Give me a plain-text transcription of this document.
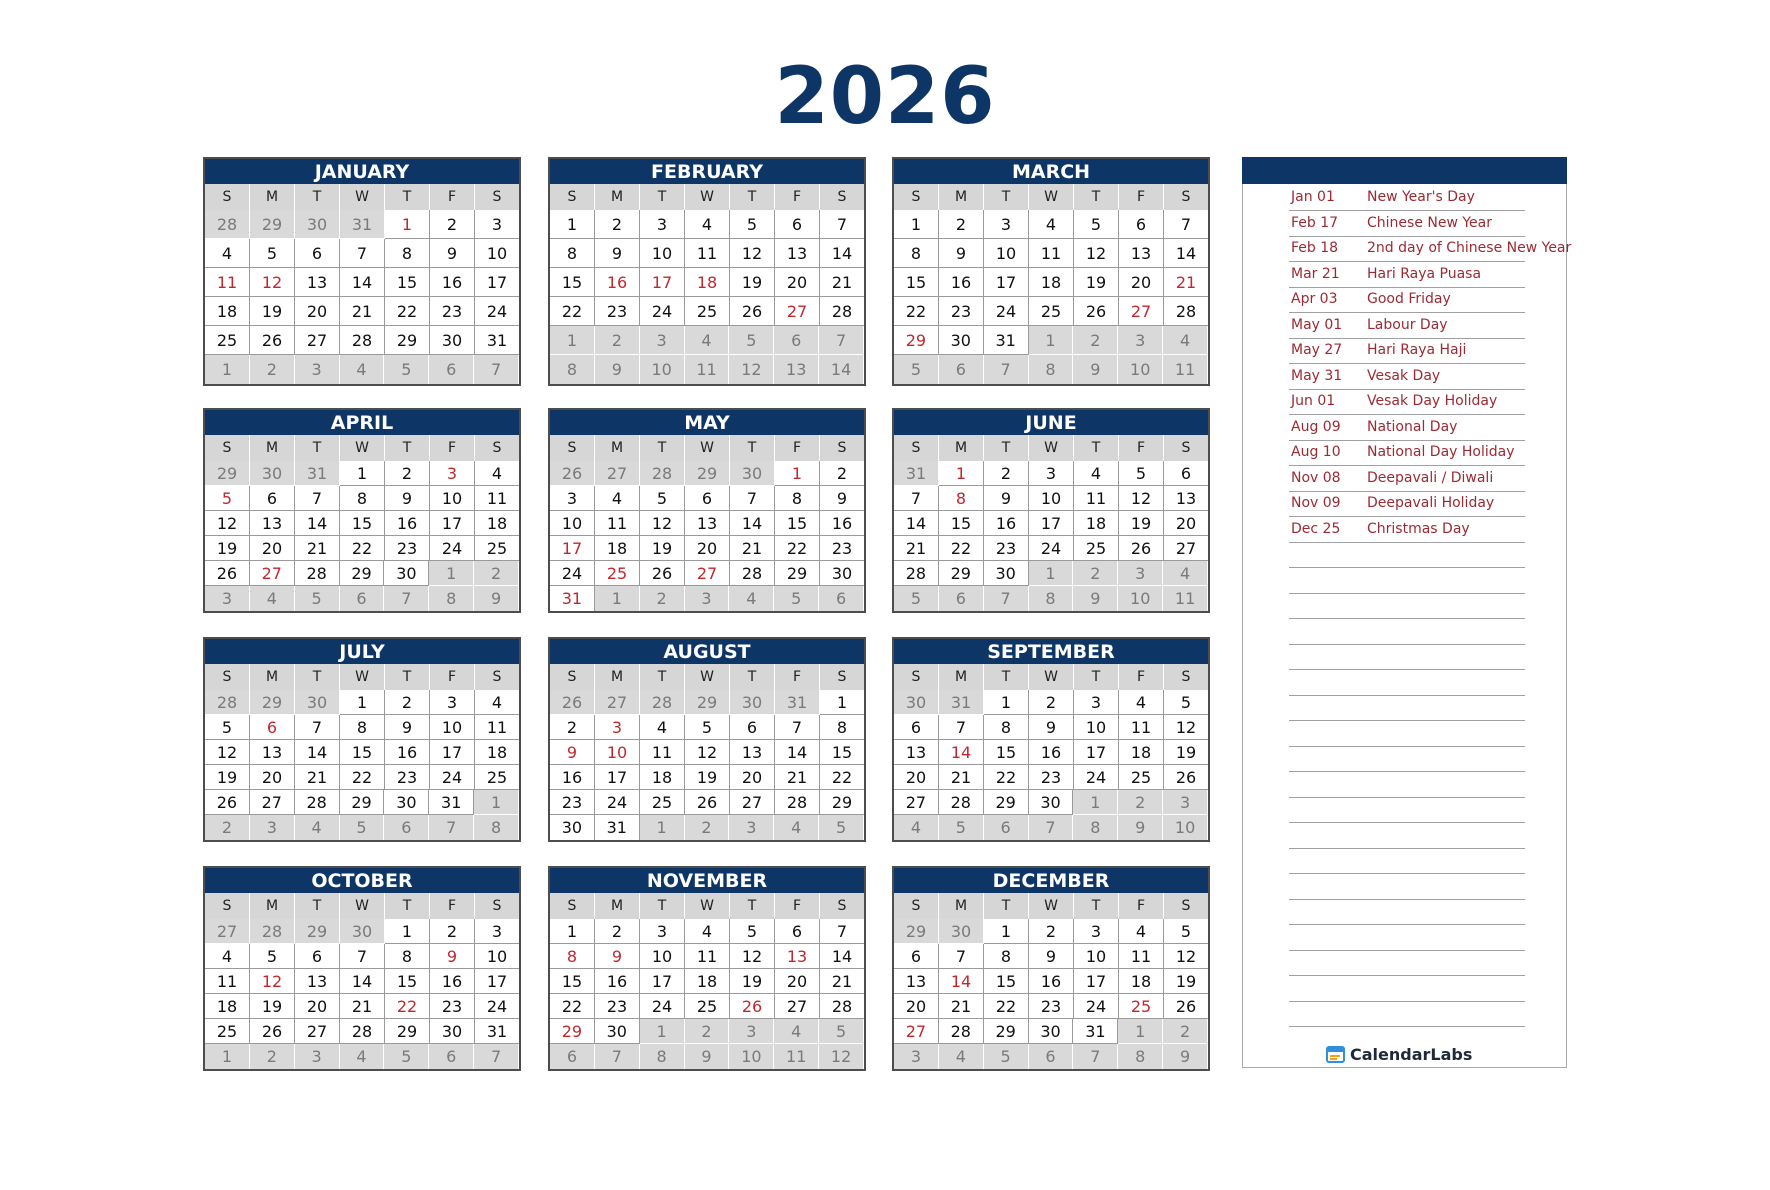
2026
JANUARY
S	M	T	W	T	F	S
28	29	30	31	1	2	3
4	5	6	7	8	9	10
11	12	13	14	15	16	17
18	19	20	21	22	23	24
25	26	27	28	29	30	31
1	2	3	4	5	6	7
FEBRUARY
S	M	T	W	T	F	S
1	2	3	4	5	6	7
8	9	10	11	12	13	14
15	16	17	18	19	20	21
22	23	24	25	26	27	28
1	2	3	4	5	6	7
8	9	10	11	12	13	14
MARCH
S	M	T	W	T	F	S
1	2	3	4	5	6	7
8	9	10	11	12	13	14
15	16	17	18	19	20	21
22	23	24	25	26	27	28
29	30	31	1	2	3	4
5	6	7	8	9	10	11
APRIL
S	M	T	W	T	F	S
29	30	31	1	2	3	4
5	6	7	8	9	10	11
12	13	14	15	16	17	18
19	20	21	22	23	24	25
26	27	28	29	30	1	2
3	4	5	6	7	8	9
MAY
S	M	T	W	T	F	S
26	27	28	29	30	1	2
3	4	5	6	7	8	9
10	11	12	13	14	15	16
17	18	19	20	21	22	23
24	25	26	27	28	29	30
31	1	2	3	4	5	6
JUNE
S	M	T	W	T	F	S
31	1	2	3	4	5	6
7	8	9	10	11	12	13
14	15	16	17	18	19	20
21	22	23	24	25	26	27
28	29	30	1	2	3	4
5	6	7	8	9	10	11
JULY
S	M	T	W	T	F	S
28	29	30	1	2	3	4
5	6	7	8	9	10	11
12	13	14	15	16	17	18
19	20	21	22	23	24	25
26	27	28	29	30	31	1
2	3	4	5	6	7	8
AUGUST
S	M	T	W	T	F	S
26	27	28	29	30	31	1
2	3	4	5	6	7	8
9	10	11	12	13	14	15
16	17	18	19	20	21	22
23	24	25	26	27	28	29
30	31	1	2	3	4	5
SEPTEMBER
S	M	T	W	T	F	S
30	31	1	2	3	4	5
6	7	8	9	10	11	12
13	14	15	16	17	18	19
20	21	22	23	24	25	26
27	28	29	30	1	2	3
4	5	6	7	8	9	10
OCTOBER
S	M	T	W	T	F	S
27	28	29	30	1	2	3
4	5	6	7	8	9	10
11	12	13	14	15	16	17
18	19	20	21	22	23	24
25	26	27	28	29	30	31
1	2	3	4	5	6	7
NOVEMBER
S	M	T	W	T	F	S
1	2	3	4	5	6	7
8	9	10	11	12	13	14
15	16	17	18	19	20	21
22	23	24	25	26	27	28
29	30	1	2	3	4	5
6	7	8	9	10	11	12
DECEMBER
S	M	T	W	T	F	S
29	30	1	2	3	4	5
6	7	8	9	10	11	12
13	14	15	16	17	18	19
20	21	22	23	24	25	26
27	28	29	30	31	1	2
3	4	5	6	7	8	9
Jan 01 New Year's Day
Feb 17 Chinese New Year
Feb 18 2nd day of Chinese New Year
Mar 21 Hari Raya Puasa
Apr 03 Good Friday
May 01 Labour Day
May 27 Hari Raya Haji
May 31 Vesak Day
Jun 01 Vesak Day Holiday
Aug 09 National Day
Aug 10 National Day Holiday
Nov 08 Deepavali / Diwali
Nov 09 Deepavali Holiday
Dec 25 Christmas Day
CalendarLabs
